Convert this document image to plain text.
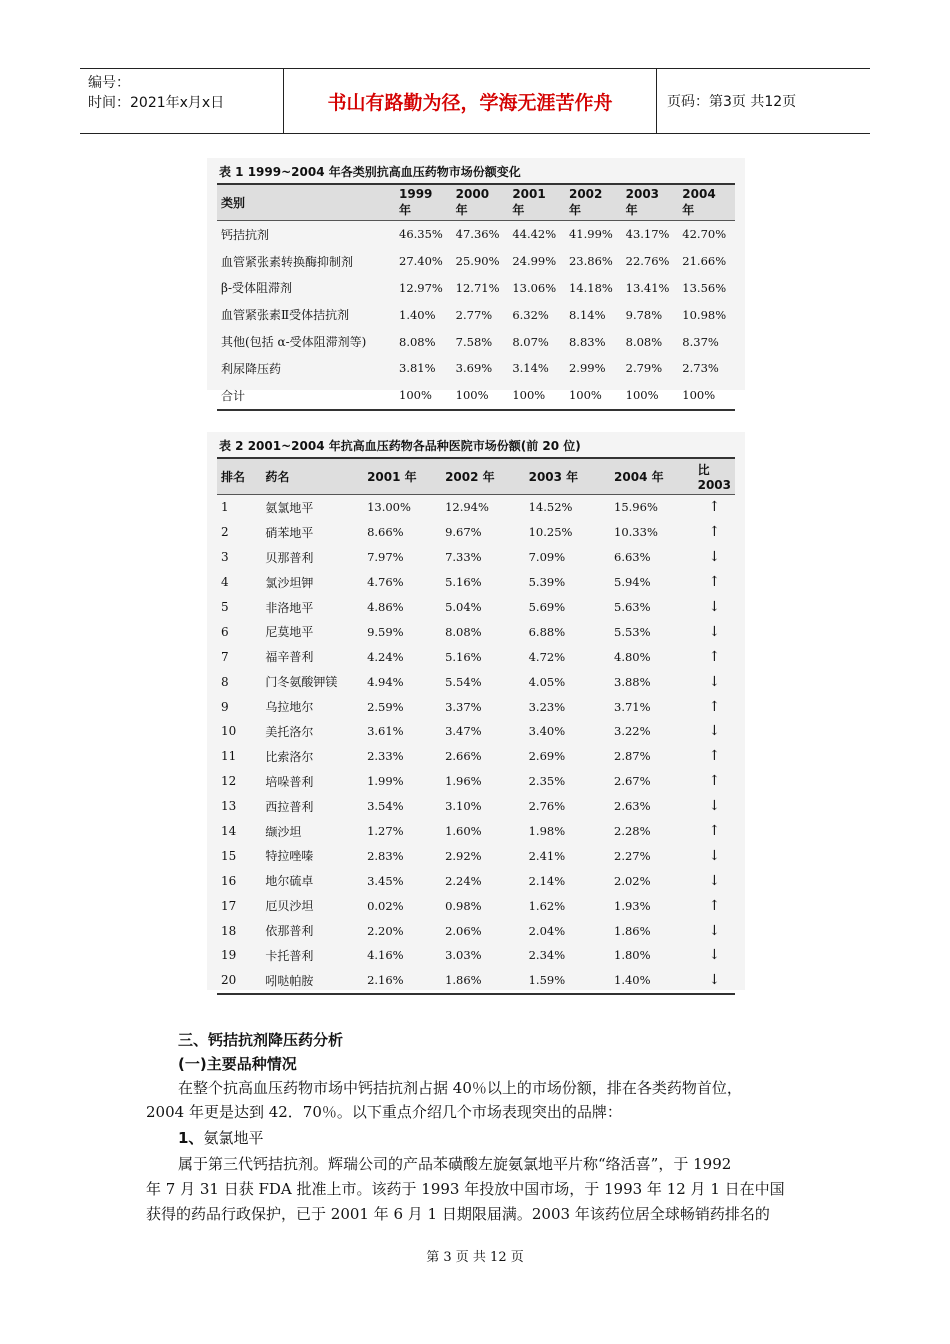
编号：
时间：2021年x月x日	书山有路勤为径，学海无涯苦作舟	页码：第3页 共12页
表 1 1999~2004 年各类别抗高血压药物市场份额变化
类别	1999 年	2000 年	2001 年	2002 年	2003 年	2004 年
钙拮抗剂	46.35%	47.36%	44.42%	41.99%	43.17%	42.70%
血管紧张素转换酶抑制剂	27.40%	25.90%	24.99%	23.86%	22.76%	21.66%
β-受体阻滞剂	12.97%	12.71%	13.06%	14.18%	13.41%	13.56%
血管紧张素Ⅱ受体拮抗剂	1.40%	2.77%	6.32%	8.14%	9.78%	10.98%
其他(包括 α-受体阻滞剂等)	8.08%	7.58%	8.07%	8.83%	8.08%	8.37%
利尿降压药	3.81%	3.69%	3.14%	2.99%	2.79%	2.73%
合计	100%	100%	100%	100%	100%	100%
表 2 2001~2004 年抗高血压药物各品种医院市场份额(前 20 位)
排名	药名	2001 年	2002 年	2003 年	2004 年	比 2003
1	氨氯地平	13.00%	12.94%	14.52%	15.96%	↑
2	硝苯地平	8.66%	9.67%	10.25%	10.33%	↑
3	贝那普利	7.97%	7.33%	7.09%	6.63%	↓
4	氯沙坦钾	4.76%	5.16%	5.39%	5.94%	↑
5	非洛地平	4.86%	5.04%	5.69%	5.63%	↓
6	尼莫地平	9.59%	8.08%	6.88%	5.53%	↓
7	福辛普利	4.24%	5.16%	4.72%	4.80%	↑
8	门冬氨酸钾镁	4.94%	5.54%	4.05%	3.88%	↓
9	乌拉地尔	2.59%	3.37%	3.23%	3.71%	↑
10	美托洛尔	3.61%	3.47%	3.40%	3.22%	↓
11	比索洛尔	2.33%	2.66%	2.69%	2.87%	↑
12	培哚普利	1.99%	1.96%	2.35%	2.67%	↑
13	西拉普利	3.54%	3.10%	2.76%	2.63%	↓
14	缬沙坦	1.27%	1.60%	1.98%	2.28%	↑
15	特拉唑嗪	2.83%	2.92%	2.41%	2.27%	↓
16	地尔硫卓	3.45%	2.24%	2.14%	2.02%	↓
17	厄贝沙坦	0.02%	0.98%	1.62%	1.93%	↑
18	依那普利	2.20%	2.06%	2.04%	1.86%	↓
19	卡托普利	4.16%	3.03%	2.34%	1.80%	↓
20	吲哒帕胺	2.16%	1.86%	1.59%	1.40%	↓
三、钙拮抗剂降压药分析
(一)主要品种情况
在整个抗高血压药物市场中钙拮抗剂占据 40％以上的市场份额，排在各类药物首位，
2004 年更是达到 42．70％。以下重点介绍几个市场表现突出的品牌：
1、氨氯地平
属于第三代钙拮抗剂。辉瑞公司的产品苯磺酸左旋氨氯地平片称“络活喜”，于 1992
年 7 月 31 日获 FDA 批准上市。该药于 1993 年投放中国市场，于 1993 年 12 月 1 日在中国
获得的药品行政保护，已于 2001 年 6 月 1 日期限届满。2003 年该药位居全球畅销药排名的
第 3 页 共 12 页
